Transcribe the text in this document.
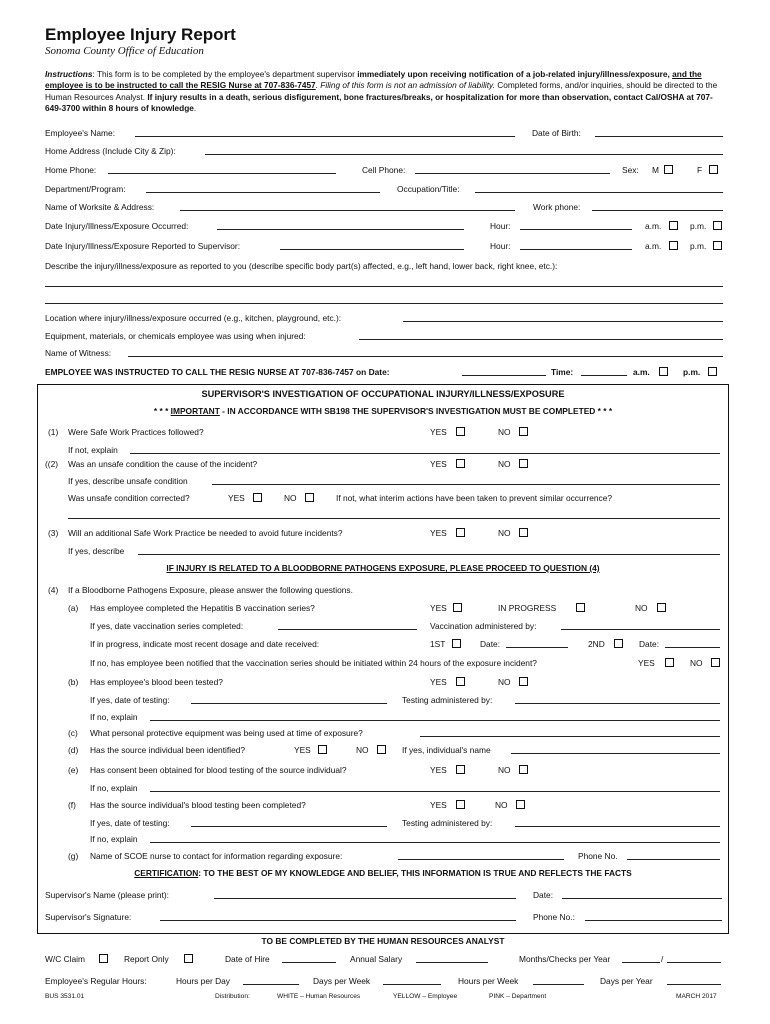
Employee Injury Report
Sonoma County Office of Education
Instructions: This form is to be completed by the employee's department supervisor immediately upon receiving notification of a job-related injury/illness/exposure, and the employee is to be instructed to call the RESIG Nurse at 707-836-7457. Filing of this form is not an admission of liability. Completed forms, and/or inquiries, should be directed to the Human Resources Analyst. If injury results in a death, serious disfigurement, bone fractures/breaks, or hospitalization for more than observation, contact Cal/OSHA at 707-649-3700 within 8 hours of knowledge.
Employee's Name:	Date of Birth:
Home Address (Include City & Zip):
Home Phone:	Cell Phone:	Sex: M	F
Department/Program:	Occupation/Title:
Name of Worksite & Address:	Work phone:
Date Injury/Illness/Exposure Occurred:	Hour:	a.m.	p.m.
Date Injury/Illness/Exposure Reported to Supervisor:	Hour:	a.m.	p.m.
Describe the injury/illness/exposure as reported to you (describe specific body part(s) affected, e.g., left hand, lower back, right knee, etc.):
Location where injury/illness/exposure occurred (e.g., kitchen, playground, etc.):
Equipment, materials, or chemicals employee was using when injured:
Name of Witness:
EMPLOYEE WAS INSTRUCTED TO CALL THE RESIG NURSE AT 707-836-7457 on Date:	Time:	a.m.	p.m.
SUPERVISOR'S INVESTIGATION OF OCCUPATIONAL INJURY/ILLNESS/EXPOSURE
* * * IMPORTANT - IN ACCORDANCE WITH SB198 THE SUPERVISOR'S INVESTIGATION MUST BE COMPLETED * * *
(1) Were Safe Work Practices followed?	YES	NO
If not, explain
((2) Was an unsafe condition the cause of the incident?	YES	NO
If yes, describe unsafe condition
Was unsafe condition corrected?	YES	NO	If not, what interim actions have been taken to prevent similar occurrence?
(3) Will an additional Safe Work Practice be needed to avoid future incidents?	YES	NO
If yes, describe
IF INJURY IS RELATED TO A BLOODBORNE PATHOGENS EXPOSURE, PLEASE PROCEED TO QUESTION (4)
(4) If a Bloodborne Pathogens Exposure, please answer the following questions.
(a) Has employee completed the Hepatitis B vaccination series?	YES	IN PROGRESS	NO
If yes, date vaccination series completed:	Vaccination administered by:
If in progress, indicate most recent dosage and date received:	1ST	Date:	2ND	Date:
If no, has employee been notified that the vaccination series should be initiated within 24 hours of the exposure incident?	YES	NO
(b) Has employee's blood been tested?	YES	NO
If yes, date of testing:	Testing administered by:
If no, explain
(c) What personal protective equipment was being used at time of exposure?
(d) Has the source individual been identified?	YES	NO	If yes, individual's name
(e) Has consent been obtained for blood testing of the source individual?	YES	NO
If no, explain
(f) Has the source individual's blood testing been completed?	YES	NO
If yes, date of testing:	Testing administered by:
If no, explain
(g) Name of SCOE nurse to contact for information regarding exposure:	Phone No.
CERTIFICATION: TO THE BEST OF MY KNOWLEDGE AND BELIEF, THIS INFORMATION IS TRUE AND REFLECTS THE FACTS
Supervisor's Name (please print):	Date:
Supervisor's Signature:	Phone No.:
TO BE COMPLETED BY THE HUMAN RESOURCES ANALYST
W/C Claim	Report Only	Date of Hire	Annual Salary	Months/Checks per Year	/
Employee's Regular Hours:	Hours per Day	Days per Week	Hours per Week	Days per Year
BUS 3531.01	Distribution:	WHITE – Human Resources	YELLOW – Employee	PINK – Department	MARCH 2017
